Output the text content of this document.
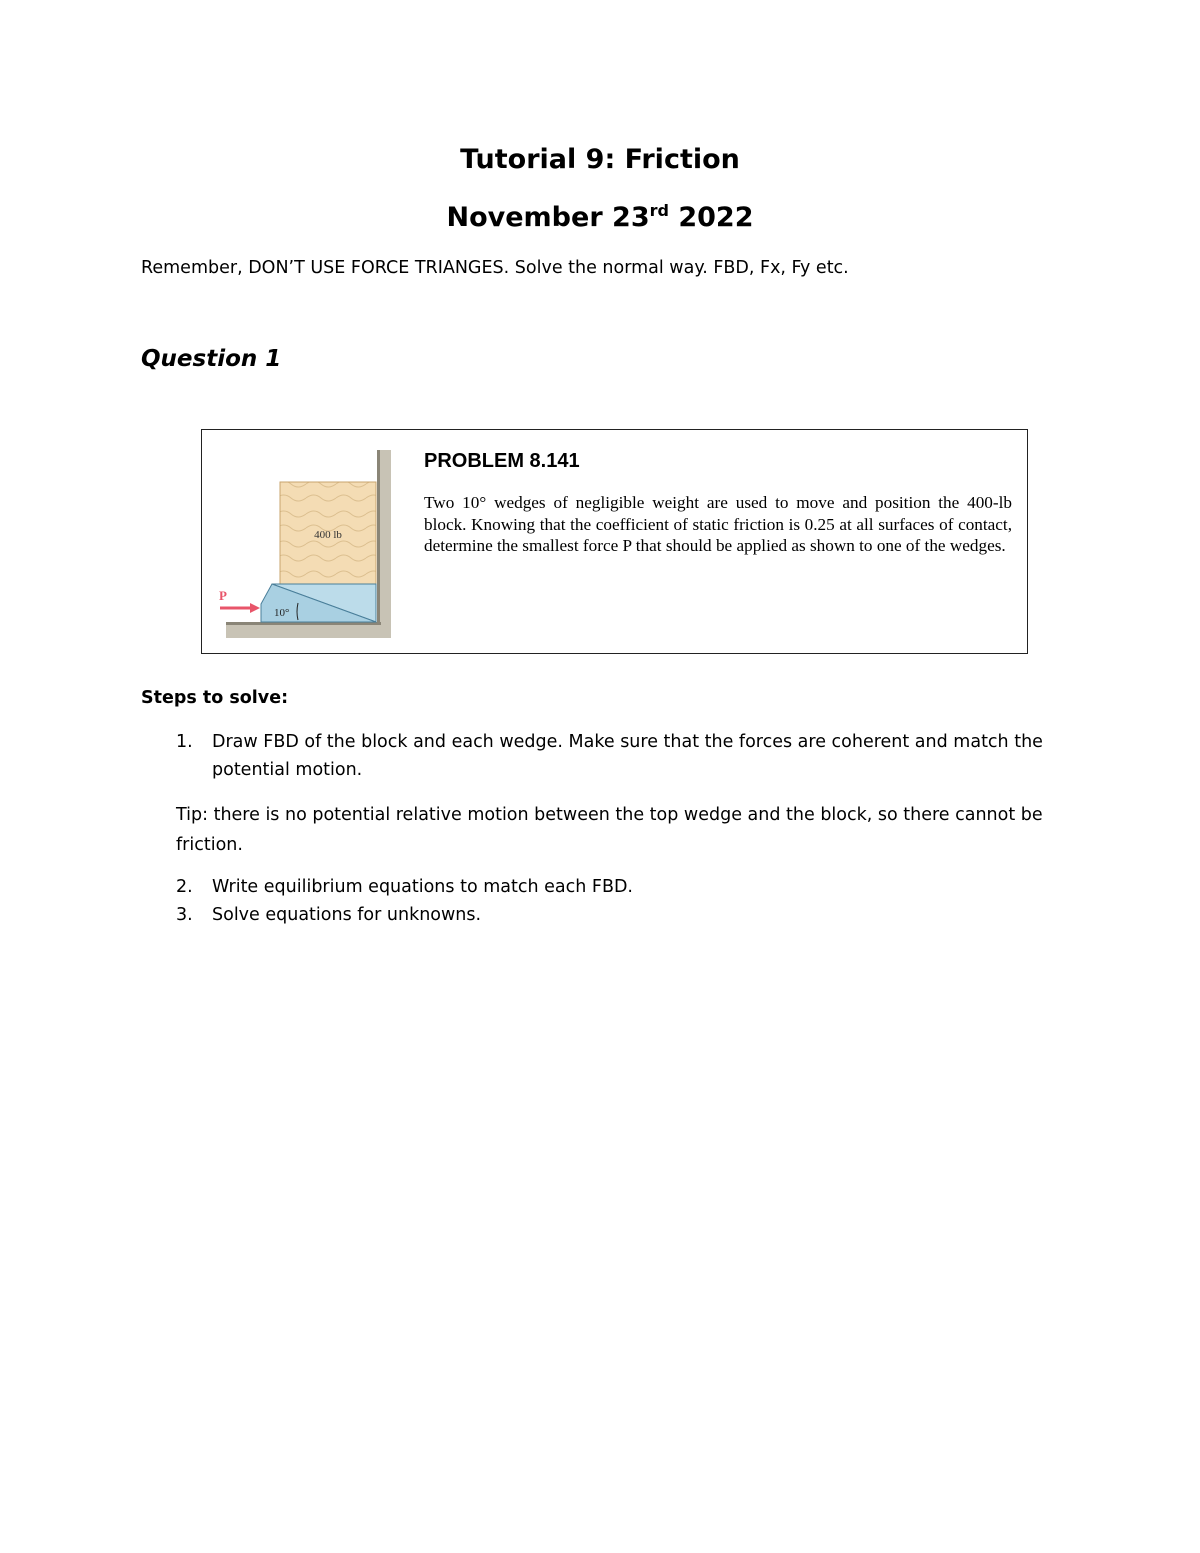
Tutorial 9: Friction
November 23rd 2022
Remember, DON’T USE FORCE TRIANGES. Solve the normal way. FBD, Fx, Fy etc.
Question 1
400 lb
P
10°
PROBLEM 8.141
Two 10° wedges of negligible weight are used to move and position the 400-lb block. Knowing that the coefficient of static friction is 0.25 at all surfaces of contact, determine the smallest force P that should be applied as shown to one of the wedges.
Steps to solve:
1. Draw FBD of the block and each wedge. Make sure that the forces are coherent and match the potential motion.
Tip: there is no potential relative motion between the top wedge and the block, so there cannot be friction.
2. Write equilibrium equations to match each FBD.
3. Solve equations for unknowns.
